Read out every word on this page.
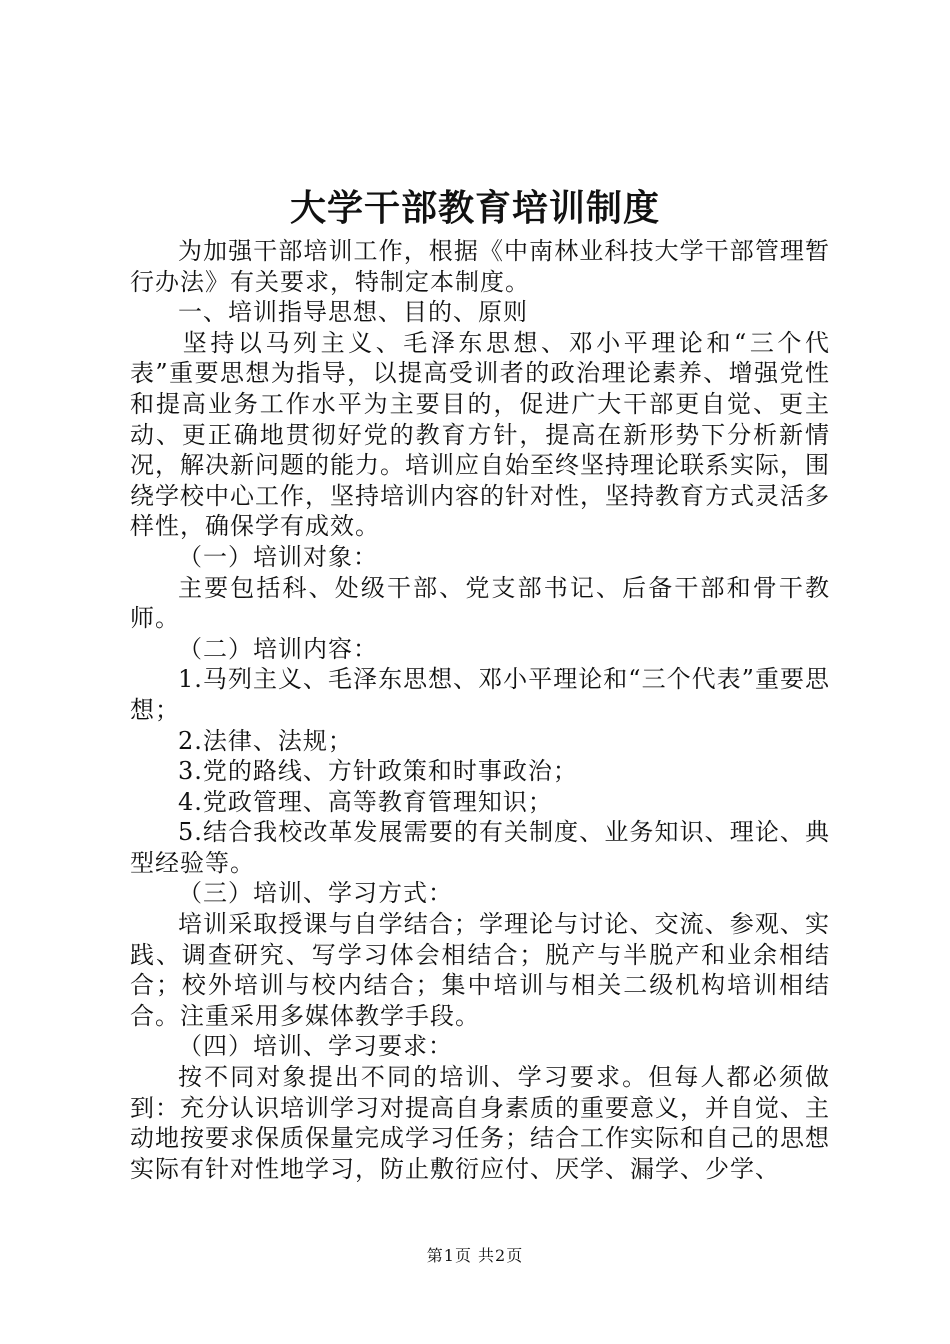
大学干部教育培训制度

为加强干部培训工作，根据《中南林业科技大学干部管理暂行办法》有关要求，特制定本制度。

一、培训指导思想、目的、原则

坚持以马列主义、毛泽东思想、邓小平理论和“三个代表”重要思想为指导，以提高受训者的政治理论素养、增强党性和提高业务工作水平为主要目的，促进广大干部更自觉、更主动、更正确地贯彻好党的教育方针，提高在新形势下分析新情况，解决新问题的能力。培训应自始至终坚持理论联系实际，围绕学校中心工作，坚持培训内容的针对性，坚持教育方式灵活多样性，确保学有成效。

（一）培训对象：

主要包括科、处级干部、党支部书记、后备干部和骨干教师。

（二）培训内容：

1.马列主义、毛泽东思想、邓小平理论和“三个代表”重要思想；

2.法律、法规；

3.党的路线、方针政策和时事政治；

4.党政管理、高等教育管理知识；

5.结合我校改革发展需要的有关制度、业务知识、理论、典型经验等。

（三）培训、学习方式：

培训采取授课与自学结合；学理论与讨论、交流、参观、实践、调查研究、写学习体会相结合；脱产与半脱产和业余相结合；校外培训与校内结合；集中培训与相关二级机构培训相结合。注重采用多媒体教学手段。

（四）培训、学习要求：

按不同对象提出不同的培训、学习要求。但每人都必须做到：充分认识培训学习对提高自身素质的重要意义，并自觉、主动地按要求保质保量完成学习任务；结合工作实际和自己的思想实际有针对性地学习，防止敷衍应付、厌学、漏学、少学、

第1页 共2页
